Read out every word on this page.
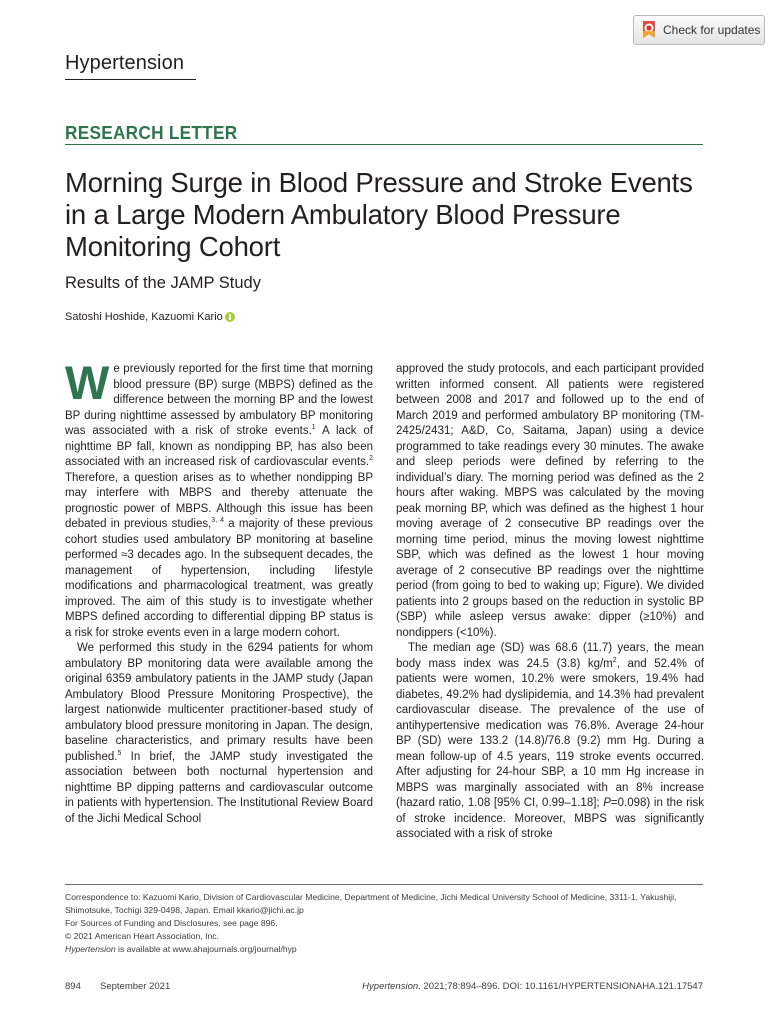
Check for updates
Hypertension
RESEARCH LETTER
Morning Surge in Blood Pressure and Stroke Events in a Large Modern Ambulatory Blood Pressure Monitoring Cohort
Results of the JAMP Study
Satoshi Hoshide, Kazuomi Kario

We previously reported for the first time that morning blood pressure (BP) surge (MBPS) defined as the difference between the morning BP and the lowest BP during nighttime assessed by ambulatory BP monitoring was associated with a risk of stroke events.$^1$ A lack of nighttime BP fall, known as nondipping BP, has also been associated with an increased risk of cardiovascular events.$^2$ Therefore, a question arises as to whether nondipping BP may interfere with MBPS and thereby attenuate the prognostic power of MBPS. Although this issue has been debated in previous studies,$^{3, 4}$ a majority of these previous cohort studies used ambulatory BP monitoring at baseline performed ≈3 decades ago. In the subsequent decades, the management of hypertension, including lifestyle modifications and pharmacological treatment, was greatly improved. The aim of this study is to investigate whether MBPS defined according to differential dipping BP status is a risk for stroke events even in a large modern cohort.

We performed this study in the 6294 patients for whom ambulatory BP monitoring data were available among the original 6359 ambulatory patients in the JAMP study (Japan Ambulatory Blood Pressure Monitoring Prospective), the largest nationwide multicenter practitioner-based study of ambulatory blood pressure monitoring in Japan. The design, baseline characteristics, and primary results have been published.$^5$ In brief, the JAMP study investigated the association between both nocturnal hypertension and nighttime BP dipping patterns and cardiovascular outcome in patients with hypertension. The Institutional Review Board of the Jichi Medical School

approved the study protocols, and each participant provided written informed consent. All patients were registered between 2008 and 2017 and followed up to the end of March 2019 and performed ambulatory BP monitoring (TM-2425/2431; A&D, Co, Saitama, Japan) using a device programmed to take readings every 30 minutes. The awake and sleep periods were defined by referring to the individual’s diary. The morning period was defined as the 2 hours after waking. MBPS was calculated by the moving peak morning BP, which was defined as the highest 1 hour moving average of 2 consecutive BP readings over the morning time period, minus the moving lowest nighttime SBP, which was defined as the lowest 1 hour moving average of 2 consecutive BP readings over the nighttime period (from going to bed to waking up; Figure). We divided patients into 2 groups based on the reduction in systolic BP (SBP) while asleep versus awake: dipper (≥10%) and nondippers (<10%).

The median age (SD) was 68.6 (11.7) years, the mean body mass index was 24.5 (3.8) $kg/m^2$, and 52.4% of patients were women, 10.2% were smokers, 19.4% had diabetes, 49.2% had dyslipidemia, and 14.3% had prevalent cardiovascular disease. The prevalence of the use of antihypertensive medication was 76.8%. Average 24-hour BP (SD) were 133.2 (14.8)/76.8 (9.2) mm Hg. During a mean follow-up of 4.5 years, 119 stroke events occurred. After adjusting for 24-hour SBP, a 10 mm Hg increase in MBPS was marginally associated with an 8% increase (hazard ratio, 1.08 [95% CI, 0.99–1.18]; P=0.098) in the risk of stroke incidence. Moreover, MBPS was significantly associated with a risk of stroke

Correspondence to: Kazuomi Kario, Division of Cardiovascular Medicine, Department of Medicine, Jichi Medical University School of Medicine, 3311-1, Yakushiji, Shimotsuke, Tochigi 329-0498, Japan. Email kkario@jichi.ac.jp
For Sources of Funding and Disclosures, see page 896.
© 2021 American Heart Association, Inc.
Hypertension is available at www.ahajournals.org/journal/hyp
894 September 2021	Hypertension. 2021;78:894–896. DOI: 10.1161/HYPERTENSIONAHA.121.17547
